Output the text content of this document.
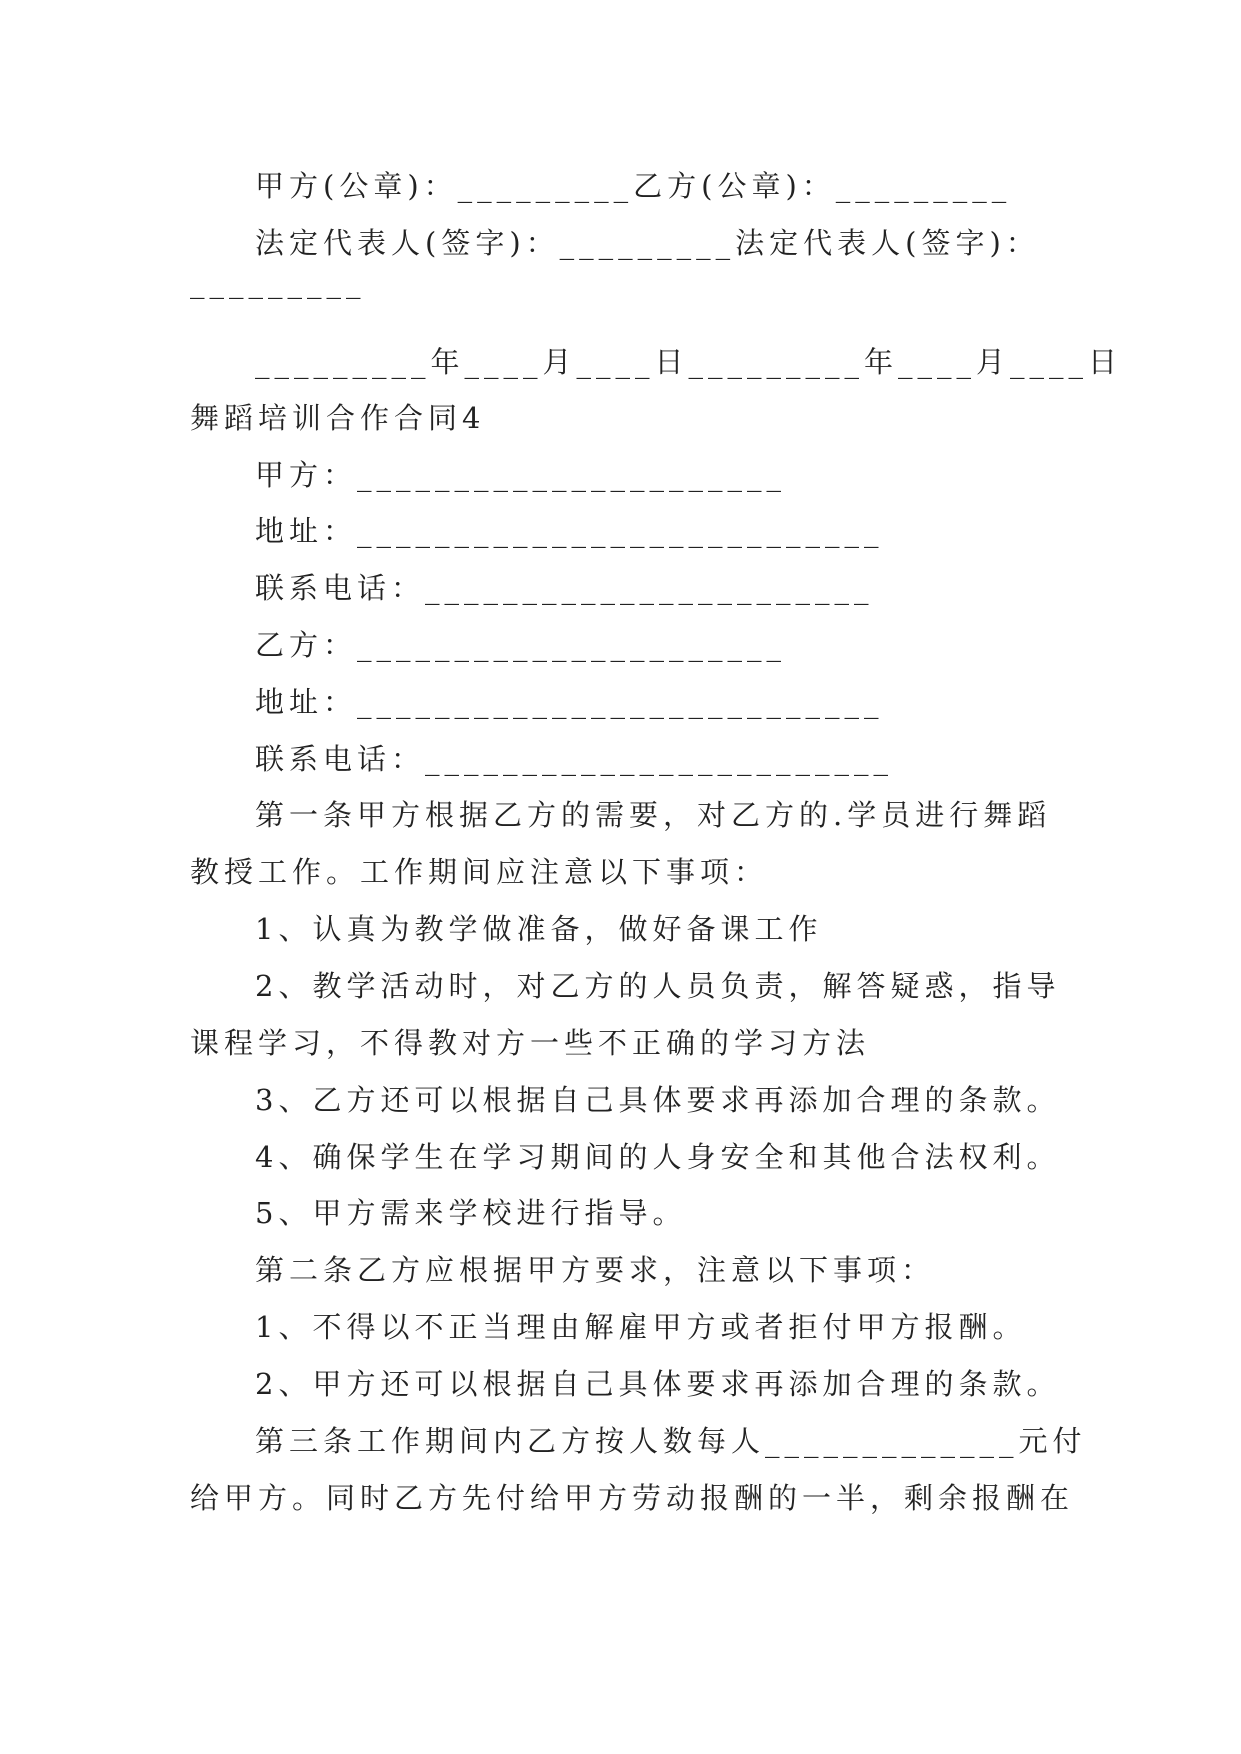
甲方(公章)：_________乙方(公章)：_________
法定代表人(签字)：_________法定代表人(签字)：
_________
_________年____月____日_________年____月____日
舞蹈培训合作合同4
甲方：______________________
地址：___________________________
联系电话：_______________________
乙方：______________________
地址：___________________________
联系电话：________________________
第一条甲方根据乙方的需要，对乙方的.学员进行舞蹈
教授工作。工作期间应注意以下事项：
1、认真为教学做准备，做好备课工作
2、教学活动时，对乙方的人员负责，解答疑惑，指导
课程学习，不得教对方一些不正确的学习方法
3、乙方还可以根据自己具体要求再添加合理的条款。
4、确保学生在学习期间的人身安全和其他合法权利。
5、甲方需来学校进行指导。
第二条乙方应根据甲方要求，注意以下事项：
1、不得以不正当理由解雇甲方或者拒付甲方报酬。
2、甲方还可以根据自己具体要求再添加合理的条款。
第三条工作期间内乙方按人数每人_____________元付
给甲方。同时乙方先付给甲方劳动报酬的一半，剩余报酬在
